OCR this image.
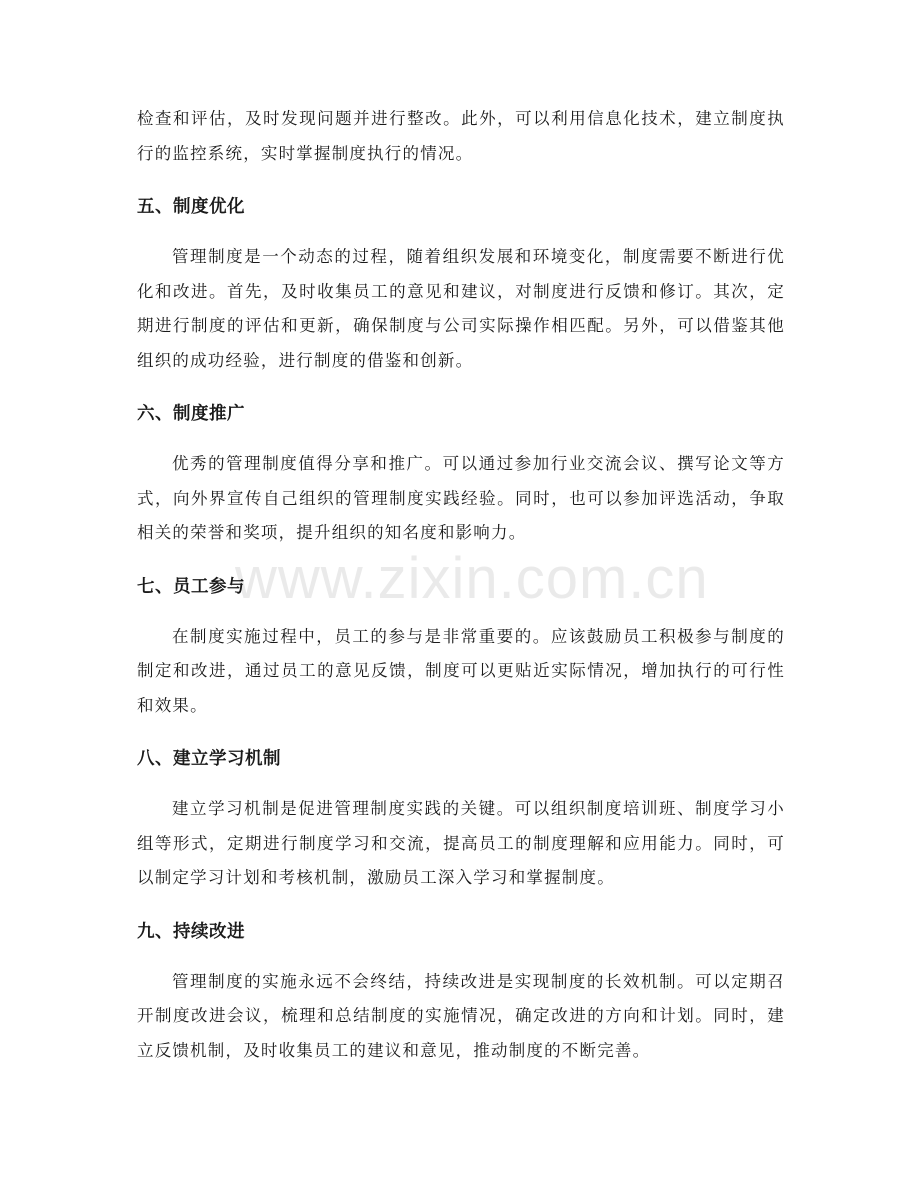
www.zixin.com.cn

检查和评估，及时发现问题并进行整改。此外，可以利用信息化技术，建立制度执行的监控系统，实时掌握制度执行的情况。

五、制度优化

管理制度是一个动态的过程，随着组织发展和环境变化，制度需要不断进行优化和改进。首先，及时收集员工的意见和建议，对制度进行反馈和修订。其次，定期进行制度的评估和更新，确保制度与公司实际操作相匹配。另外，可以借鉴其他组织的成功经验，进行制度的借鉴和创新。

六、制度推广

优秀的管理制度值得分享和推广。可以通过参加行业交流会议、撰写论文等方式，向外界宣传自己组织的管理制度实践经验。同时，也可以参加评选活动，争取相关的荣誉和奖项，提升组织的知名度和影响力。

七、员工参与

在制度实施过程中，员工的参与是非常重要的。应该鼓励员工积极参与制度的制定和改进，通过员工的意见反馈，制度可以更贴近实际情况，增加执行的可行性和效果。

八、建立学习机制

建立学习机制是促进管理制度实践的关键。可以组织制度培训班、制度学习小组等形式，定期进行制度学习和交流，提高员工的制度理解和应用能力。同时，可以制定学习计划和考核机制，激励员工深入学习和掌握制度。

九、持续改进

管理制度的实施永远不会终结，持续改进是实现制度的长效机制。可以定期召开制度改进会议，梳理和总结制度的实施情况，确定改进的方向和计划。同时，建立反馈机制，及时收集员工的建议和意见，推动制度的不断完善。
